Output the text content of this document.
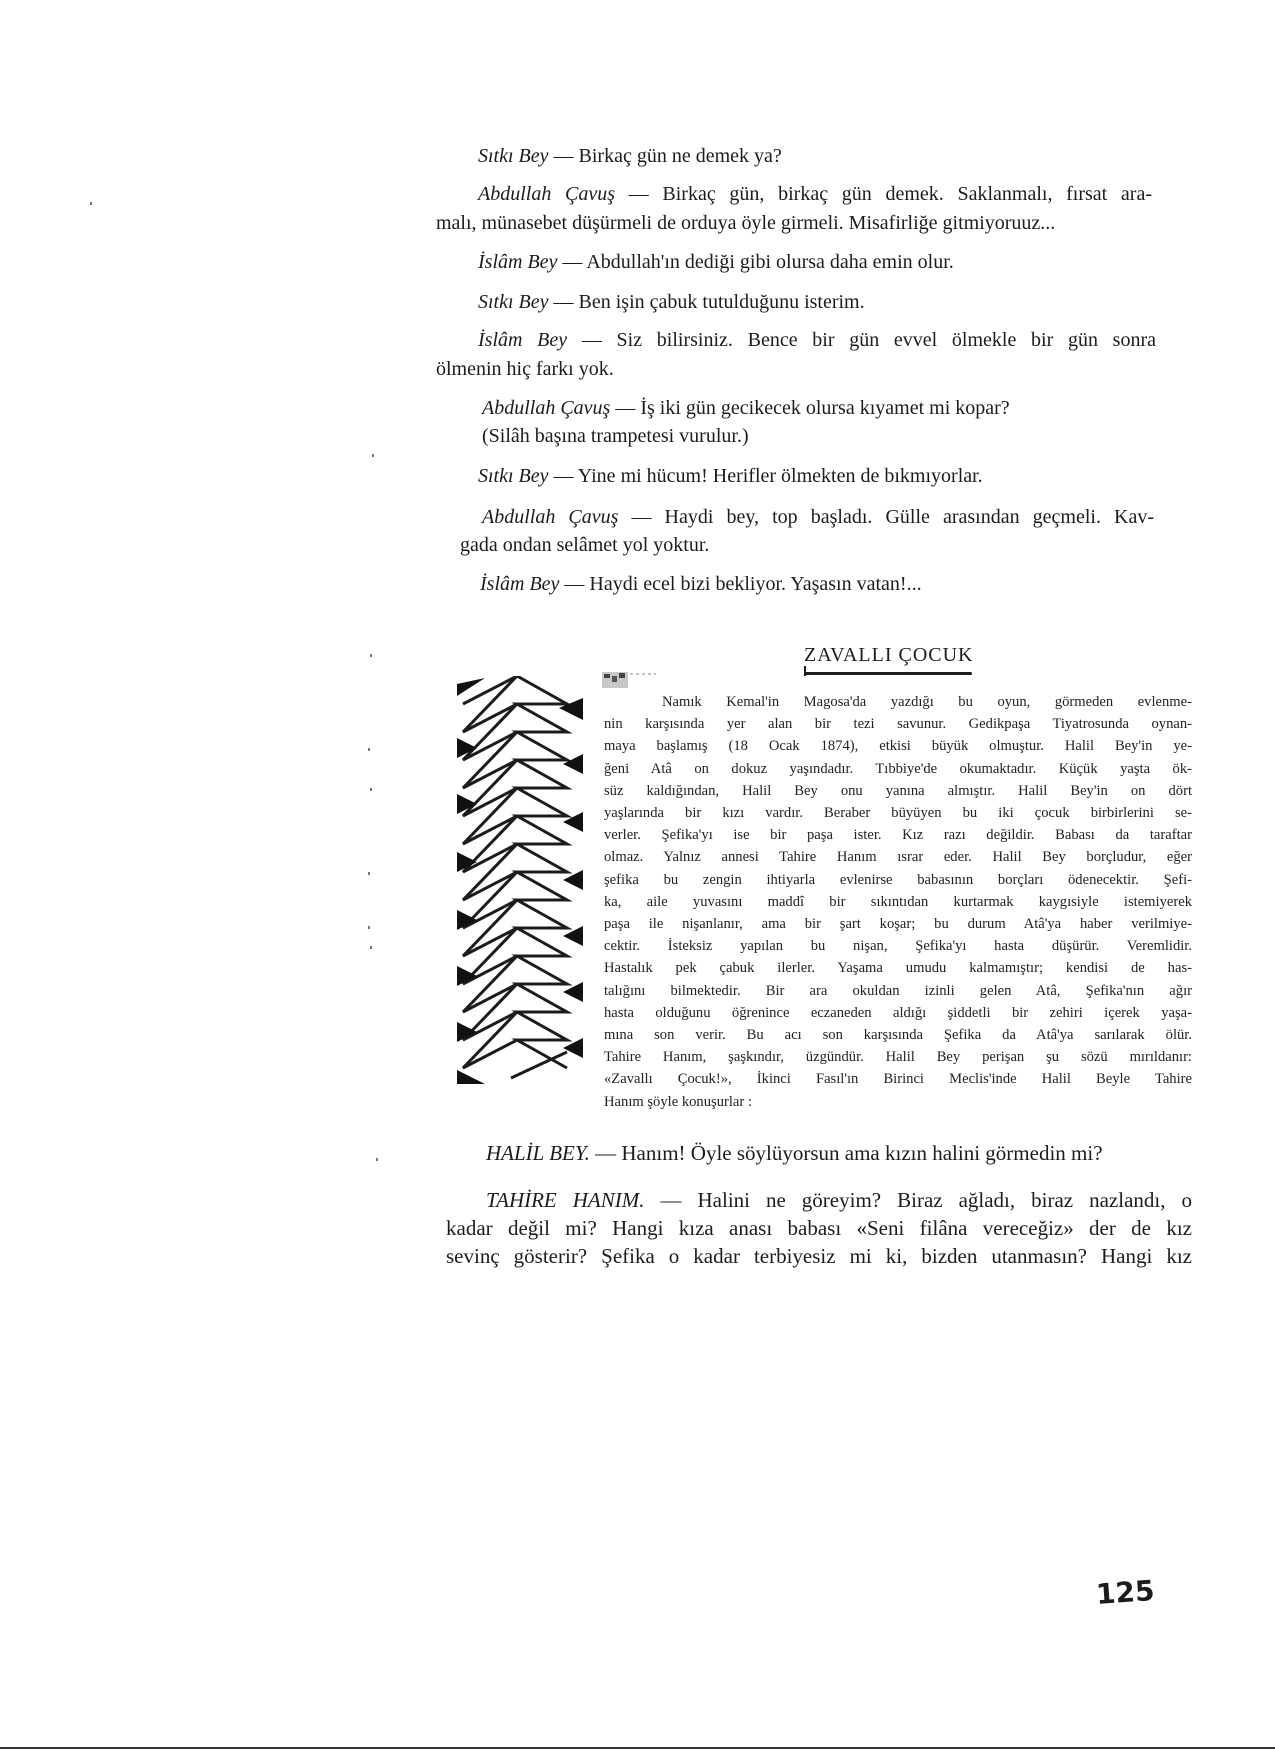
Sıtkı Bey — Birkaç gün ne demek ya?

Abdullah Çavuş — Birkaç gün, birkaç gün demek. Saklanmalı, fırsat ara-

malı, münasebet düşürmeli de orduya öyle girmeli. Misafirliğe gitmiyoruuz...

İslâm Bey — Abdullah'ın dediği gibi olursa daha emin olur.

Sıtkı Bey — Ben işin çabuk tutulduğunu isterim.

İslâm Bey — Siz bilirsiniz. Bence bir gün evvel ölmekle bir gün sonra

ölmenin hiç farkı yok.

Abdullah Çavuş — İş iki gün gecikecek olursa kıyamet mi kopar?

(Silâh başına trampetesi vurulur.)

Sıtkı Bey — Yine mi hücum! Herifler ölmekten de bıkmıyorlar.

Abdullah Çavuş — Haydi bey, top başladı. Gülle arasından geçmeli. Kav-

gada ondan selâmet yol yoktur.

İslâm Bey — Haydi ecel bizi bekliyor. Yaşasın vatan!...

ZAVALLI ÇOCUK
Namık Kemal'in Magosa'da yazdığı bu oyun, görmeden evlenme-
nin karşısında yer alan bir tezi savunur. Gedikpaşa Tiyatrosunda oynan-
maya başlamış (18 Ocak 1874), etkisi büyük olmuştur. Halil Bey'in ye-
ğeni Atâ on dokuz yaşındadır. Tıbbiye'de okumaktadır. Küçük yaşta ök-
süz kaldığından, Halil Bey onu yanına almıştır. Halil Bey'in on dört
yaşlarında bir kızı vardır. Beraber büyüyen bu iki çocuk birbirlerini se-
verler. Şefika'yı ise bir paşa ister. Kız razı değildir. Babası da taraftar
olmaz. Yalnız annesi Tahire Hanım ısrar eder. Halil Bey borçludur, eğer
şefika bu zengin ihtiyarla evlenirse babasının borçları ödenecektir. Şefi-
ka, aile yuvasını maddî bir sıkıntıdan kurtarmak kaygısiyle istemiyerek
paşa ile nişanlanır, ama bir şart koşar; bu durum Atâ'ya haber verilmiye-
cektir. İsteksiz yapılan bu nişan, Şefika'yı hasta düşürür. Veremlidir.
Hastalık pek çabuk ilerler. Yaşama umudu kalmamıştır; kendisi de has-
talığını bilmektedir. Bir ara okuldan izinli gelen Atâ, Şefika'nın ağır
hasta olduğunu öğrenince eczaneden aldığı şiddetli bir zehiri içerek yaşa-
mına son verir. Bu acı son karşısında Şefika da Atâ'ya sarılarak ölür.
Tahire Hanım, şaşkındır, üzgündür. Halil Bey perişan şu sözü mırıldanır:
«Zavallı Çocuk!», İkinci Fasıl'ın Birinci Meclis'inde Halil Beyle Tahire
Hanım şöyle konuşurlar :

HALİL BEY. — Hanım! Öyle söylüyorsun ama kızın halini görmedin mi?

TAHİRE HANIM. — Halini ne göreyim? Biraz ağladı, biraz nazlandı, o

kadar değil mi? Hangi kıza anası babası «Seni filâna vereceğiz» der de kız

sevinç gösterir? Şefika o kadar terbiyesiz mi ki, bizden utanmasın? Hangi kız

125
